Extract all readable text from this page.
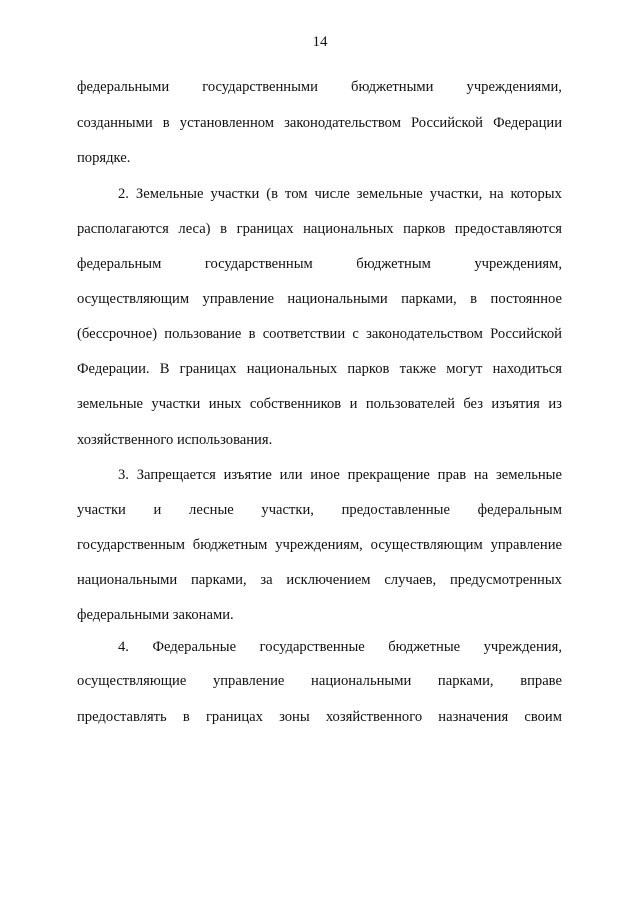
14
федеральными государственными бюджетными учреждениями,
созданными в установленном законодательством Российской Федерации
порядке.
2. Земельные участки (в том числе земельные участки, на которых
располагаются леса) в границах национальных парков предоставляются
федеральным	государственным	бюджетным	учреждениям,
осуществляющим управление национальными парками, в постоянное
(бессрочное) пользование в соответствии с законодательством Российской
Федерации. В границах национальных парков также могут находиться
земельные участки иных собственников и пользователей без изъятия из
хозяйственного использования.
3. Запрещается изъятие или иное прекращение прав на земельные
участки и лесные участки, предоставленные федеральным
государственным бюджетным учреждениям, осуществляющим управление
национальными парками, за исключением случаев, предусмотренных
федеральными законами.
4. Федеральные государственные бюджетные учреждения,
осуществляющие управление национальными парками, вправе
предоставлять в границах зоны хозяйственного назначения своим
